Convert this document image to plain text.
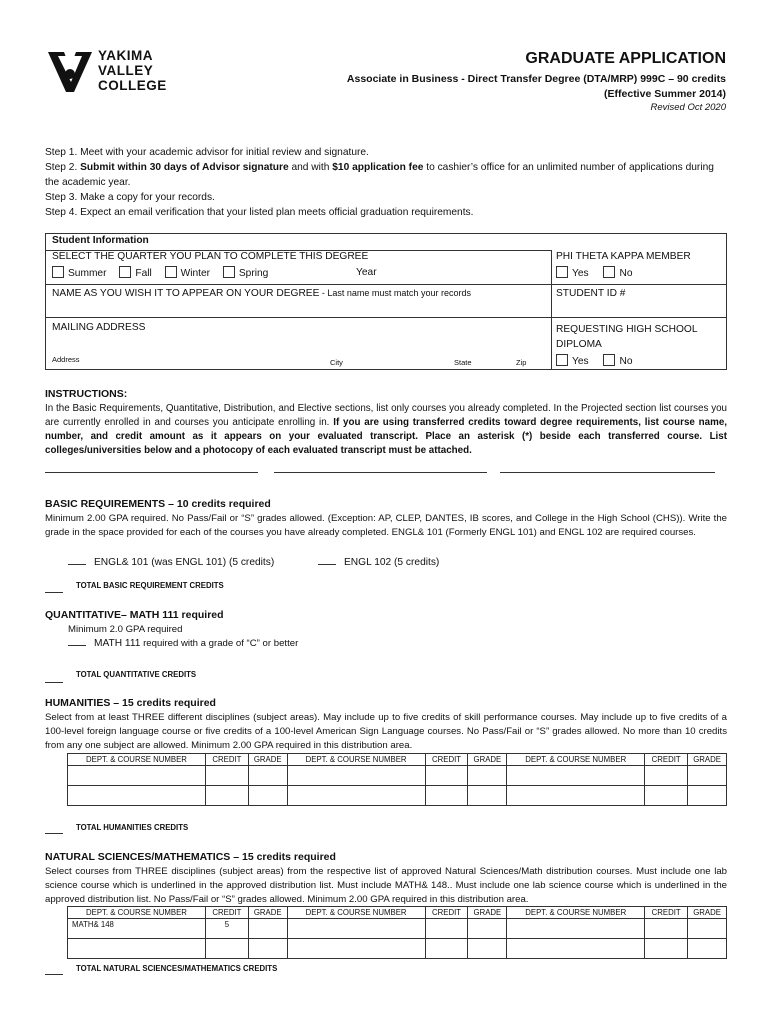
YAKIMA
VALLEY
COLLEGE
GRADUATE APPLICATION
Associate in Business - Direct Transfer Degree (DTA/MRP) 999C – 90 credits
(Effective Summer 2014)
Revised Oct 2020
Step 1. Meet with your academic advisor for initial review and signature.
Step 2. Submit within 30 days of Advisor signature and with $10 application fee to cashier’s office for an unlimited number of applications during the academic year.
Step 3. Make a copy for your records.
Step 4. Expect an email verification that your listed plan meets official graduation requirements.
Student Information
SELECT THE QUARTER YOU PLAN TO COMPLETE THIS DEGREE
Summer	Fall	Winter	Spring	Year
PHI THETA KAPPA MEMBER
Yes	No
NAME AS YOU WISH IT TO APPEAR ON YOUR DEGREE - Last name must match your records	STUDENT ID #
MAILING ADDRESS
Address	City	State	Zip
REQUESTING HIGH SCHOOL
DIPLOMA
Yes	No
INSTRUCTIONS:
In the Basic Requirements, Quantitative, Distribution, and Elective sections, list only courses you already completed. In the Projected section list courses you are currently enrolled in and courses you anticipate enrolling in. If you are using transferred credits toward degree requirements, list course name, number, and credit amount as it appears on your evaluated transcript. Place an asterisk (*) beside each transferred course. List colleges/universities below and a photocopy of each evaluated transcript must be attached.
BASIC REQUIREMENTS – 10 credits required
Minimum 2.00 GPA required. No Pass/Fail or “S” grades allowed. (Exception: AP, CLEP, DANTES, IB scores, and College in the High School (CHS)). Write the grade in the space provided for each of the courses you have already completed. ENGL& 101 (Formerly ENGL 101) and ENGL 102 are required courses.
ENGL& 101 (was ENGL 101) (5 credits)	ENGL 102 (5 credits)
TOTAL BASIC REQUIREMENT CREDITS
QUANTITATIVE– MATH 111 required
Minimum 2.0 GPA required
MATH 111 required with a grade of “C” or better
TOTAL QUANTITATIVE CREDITS
HUMANITIES – 15 credits required
Select from at least THREE different disciplines (subject areas). May include up to five credits of skill performance courses. May include up to five credits of a 100-level foreign language course or five credits of a 100-level American Sign Language courses. No Pass/Fail or “S” grades allowed. No more than 10 credits from any one subject are allowed. Minimum 2.00 GPA required in this distribution area.
DEPT. & COURSE NUMBER	CREDIT	GRADE	DEPT. & COURSE NUMBER	CREDIT	GRADE	DEPT. & COURSE NUMBER	CREDIT	GRADE

TOTAL HUMANITIES CREDITS
NATURAL SCIENCES/MATHEMATICS – 15 credits required
Select courses from THREE disciplines (subject areas) from the respective list of approved Natural Sciences/Math distribution courses. Must include one lab science course which is underlined in the approved distribution list. Must include MATH& 148.. Must include one lab science course which is underlined in the approved distribution list. No Pass/Fail or “S” grades allowed. Minimum 2.00 GPA required in this distribution area.
DEPT. & COURSE NUMBER	CREDIT	GRADE	DEPT. & COURSE NUMBER	CREDIT	GRADE	DEPT. & COURSE NUMBER	CREDIT	GRADE
MATH& 148	5							

TOTAL NATURAL SCIENCES/MATHEMATICS CREDITS
